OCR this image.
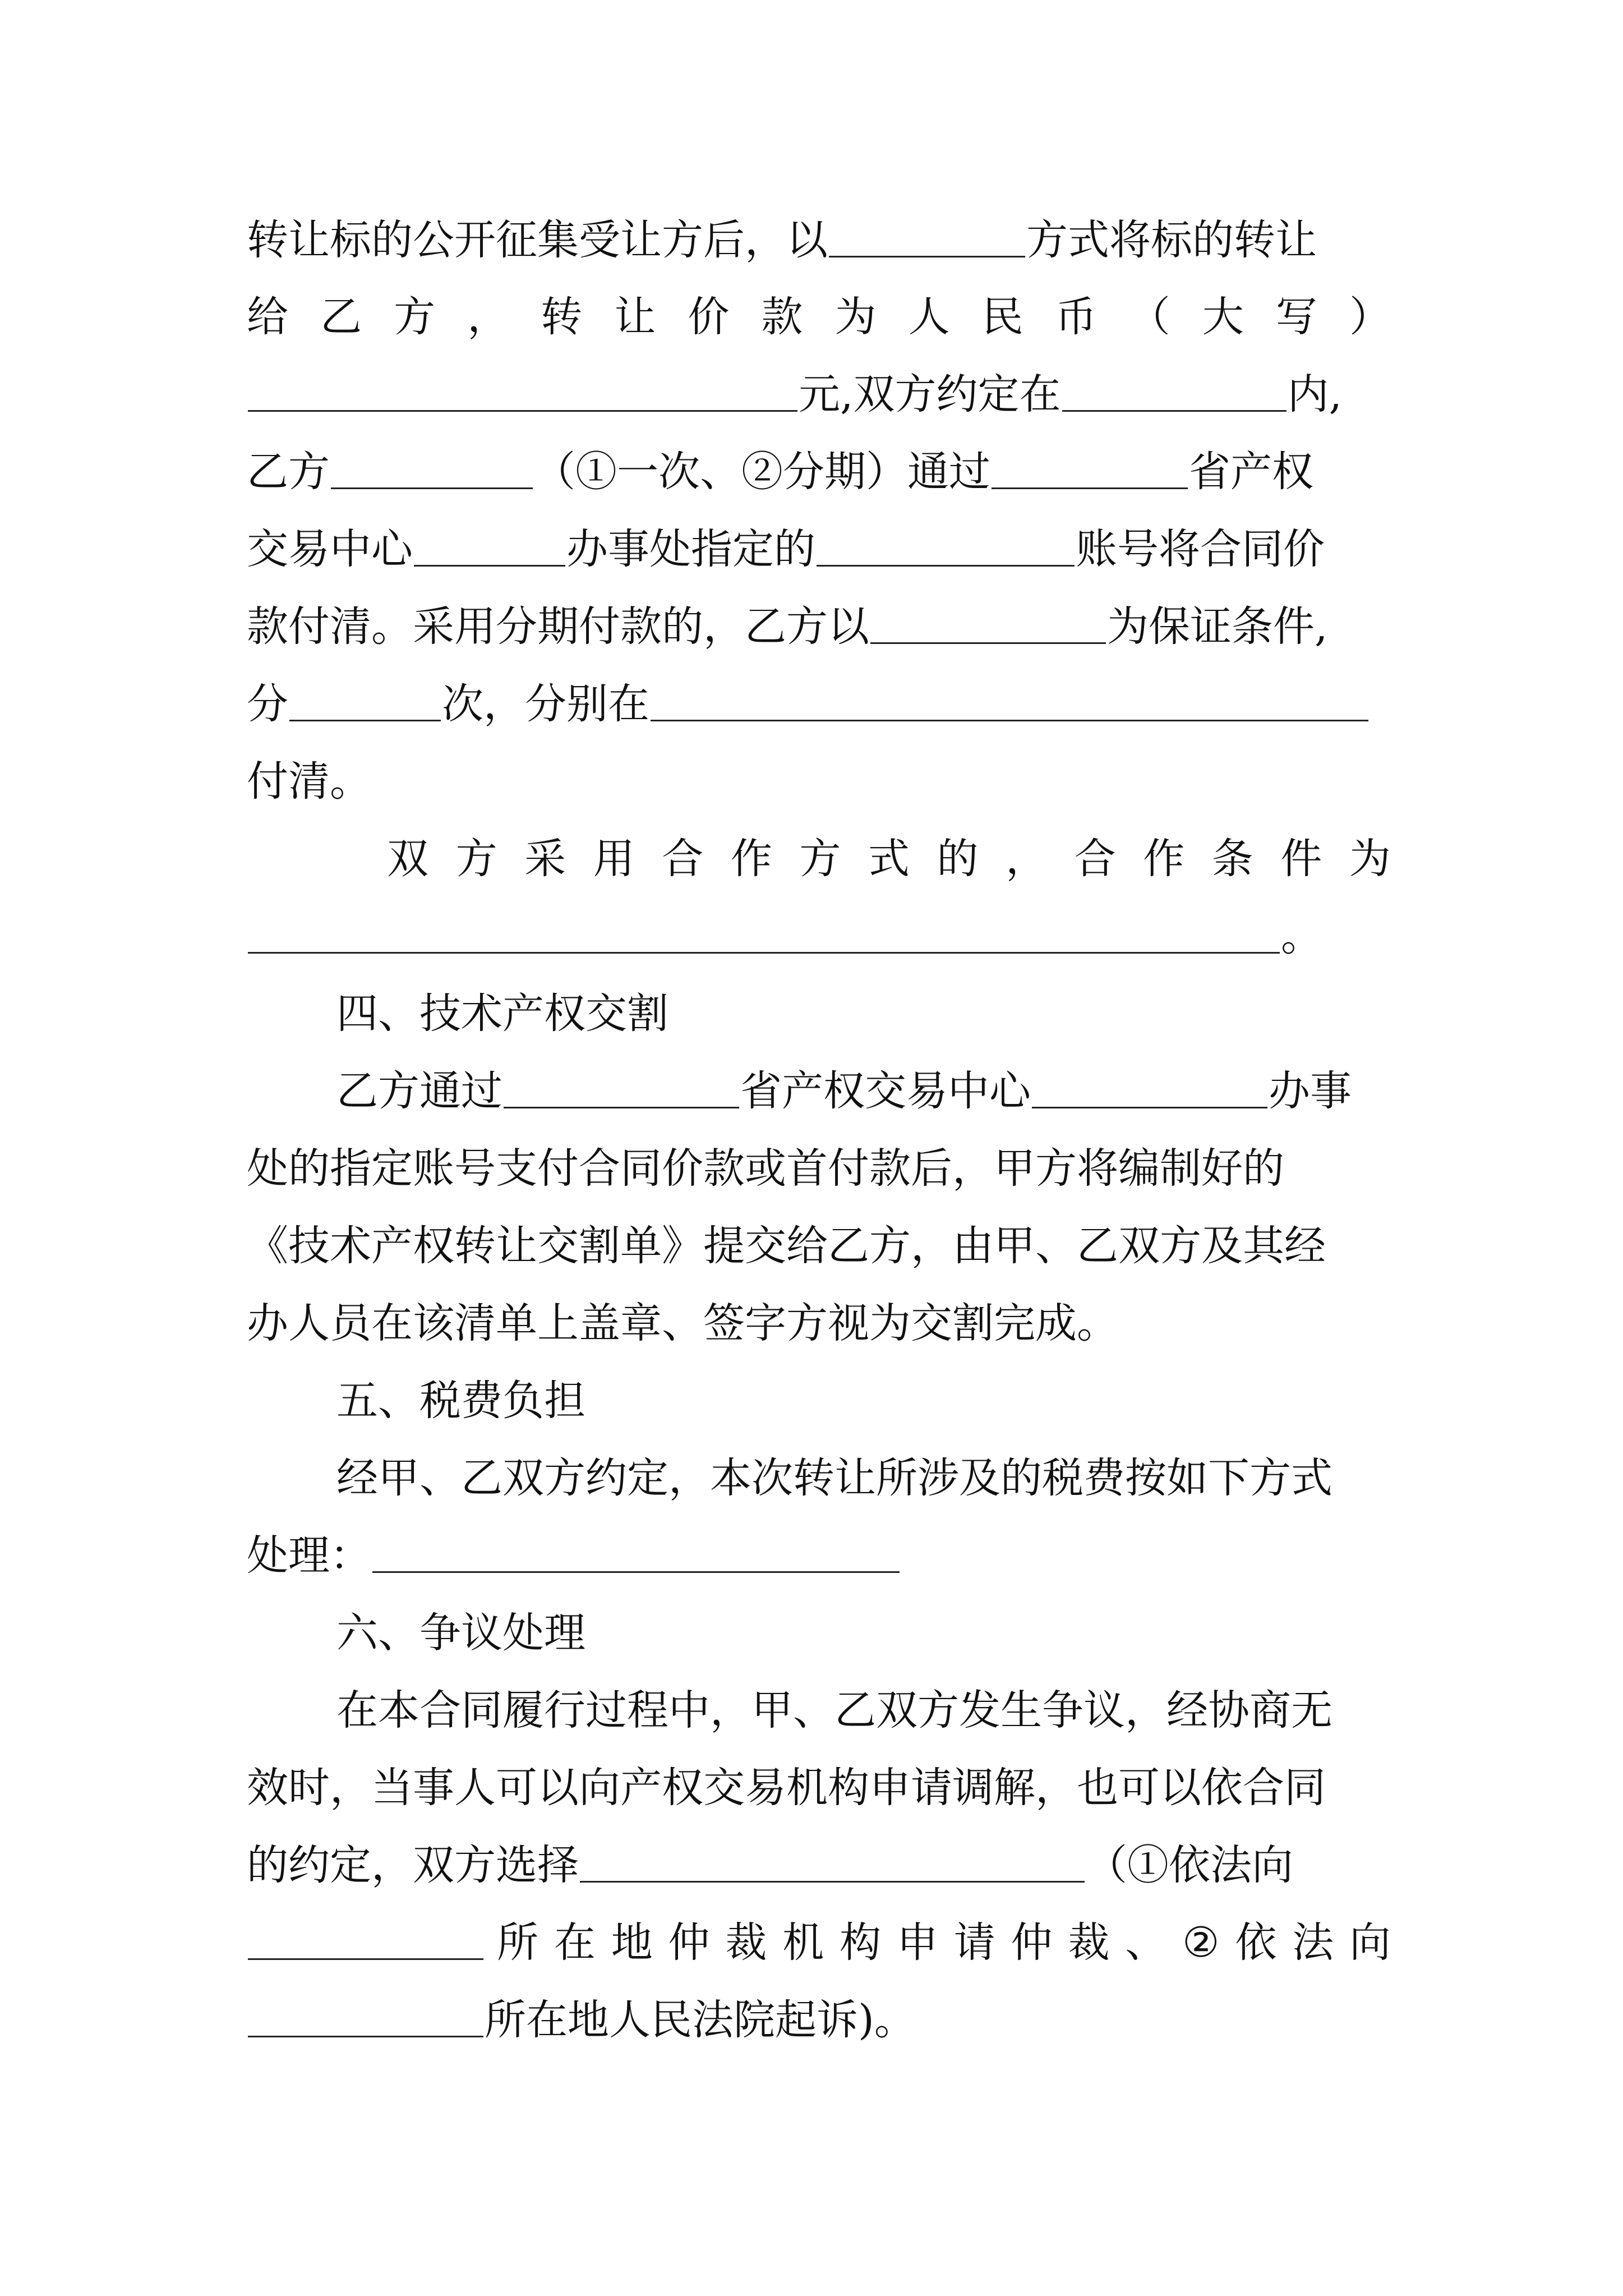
转让标的公开征集受让方后，以	方式将标的转让
给 乙 方 ， 转 让 价 款 为 人 民 币 （ 大 写 ）
元,双方约定在	内,
乙方	（①一次、②分期）通过	省产权
交易中心	办事处指定的	账号将合同价
款付清。采用分期付款的，乙方以	为保证条件,
分	次，分别在
付清。
双 方 采 用 合 作 方 式 的 ， 合 作 条 件 为
。
四、技术产权交割
乙方通过	省产权交易中心	办事
处的指定账号支付合同价款或首付款后，甲方将编制好的
《技术产权转让交割单》提交给乙方，由甲、乙双方及其经
办人员在该清单上盖章、签字方视为交割完成。
五、税费负担
经甲、乙双方约定，本次转让所涉及的税费按如下方式
处理：
六、争议处理
在本合同履行过程中，甲、乙双方发生争议，经协商无
效时，当事人可以向产权交易机构申请调解，也可以依合同
的约定，双方选择	（①依法向
所 在 地 仲 裁 机 构 申 请 仲 裁 、 ② 依 法 向
所在地人民法院起诉)。
